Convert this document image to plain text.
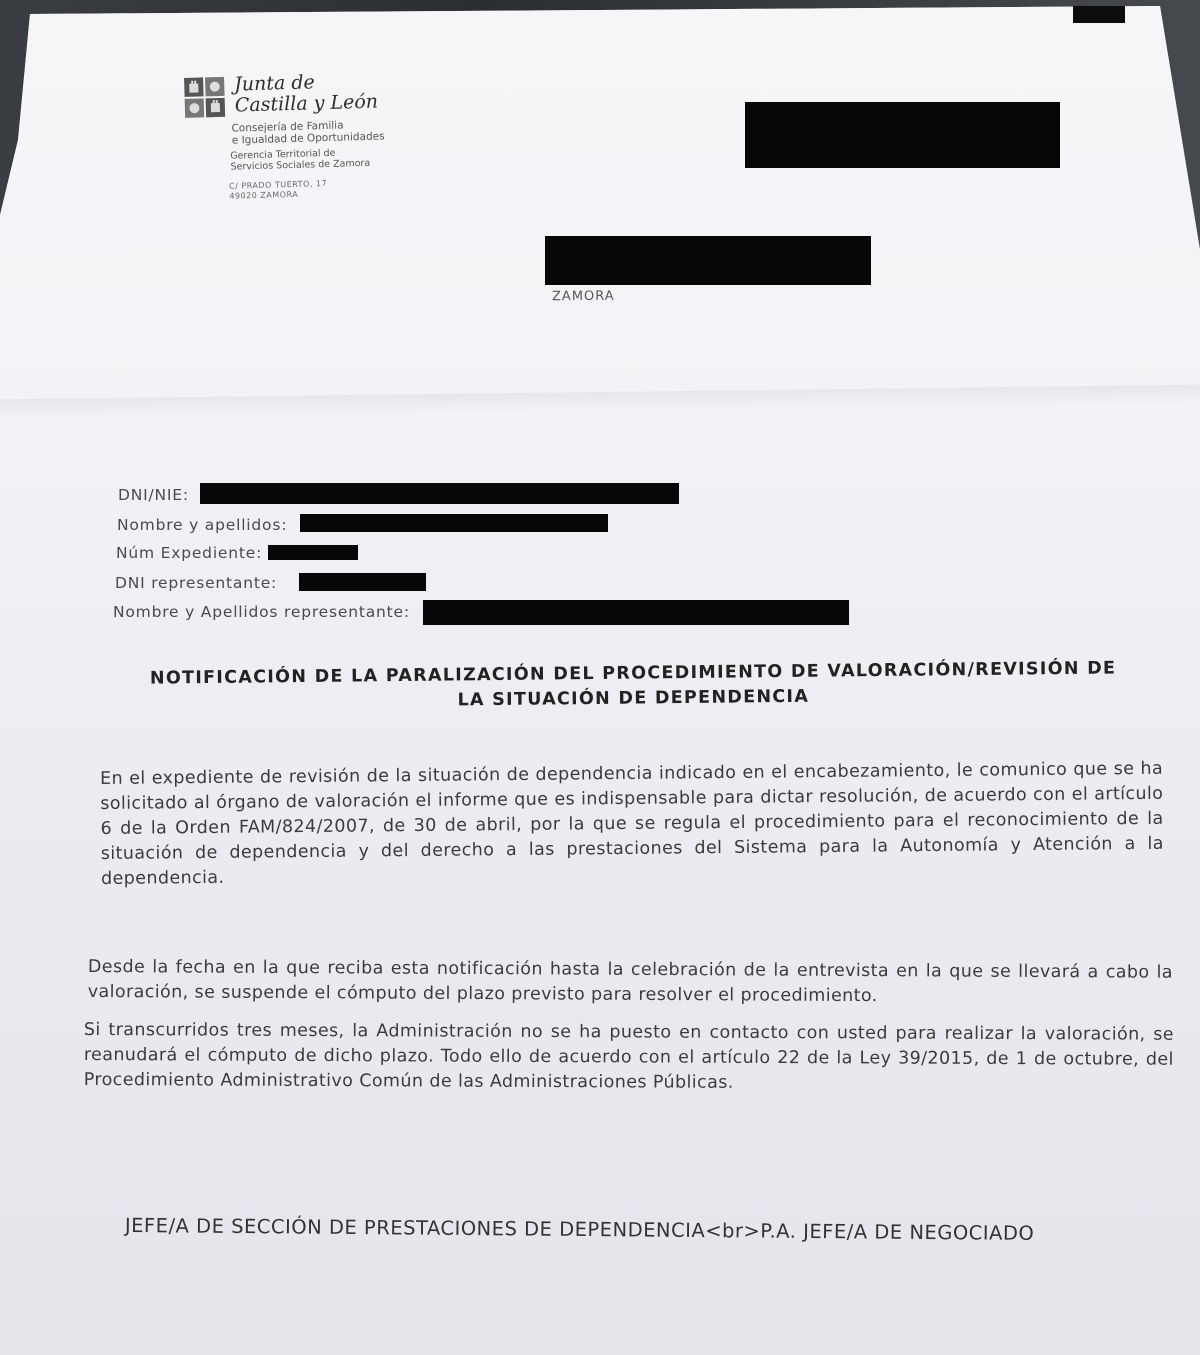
Junta de
Castilla y León
Consejería de Familia
e Igualdad de Oportunidades
Gerencia Territorial de
Servicios Sociales de Zamora
C/ PRADO TUERTO, 17
49020 ZAMORA
ZAMORA
DNI/NIE:
Nombre y apellidos:
Núm Expediente:
DNI representante:
Nombre y Apellidos representante:
NOTIFICACIÓN DE LA PARALIZACIÓN DEL PROCEDIMIENTO DE VALORACIÓN/REVISIÓN DE
LA SITUACIÓN DE DEPENDENCIA
En el expediente de revisión de la situación de dependencia indicado en el encabezamiento, le comunico que se ha solicitado al órgano de valoración el informe que es indispensable para dictar resolución, de acuerdo con el artículo 6 de la Orden FAM/824/2007, de 30 de abril, por la que se regula el procedimiento para el reconocimiento de la situación de dependencia y del derecho a las prestaciones del Sistema para la Autonomía y Atención a la dependencia.
Desde la fecha en la que reciba esta notificación hasta la celebración de la entrevista en la que se llevará a cabo la valoración, se suspende el cómputo del plazo previsto para resolver el procedimiento.
Si transcurridos tres meses, la Administración no se ha puesto en contacto con usted para realizar la valoración, se reanudará el cómputo de dicho plazo. Todo ello de acuerdo con el artículo 22 de la Ley 39/2015, de 1 de octubre, del Procedimiento Administrativo Común de las Administraciones Públicas.
JEFE/A DE SECCIÓN DE PRESTACIONES DE DEPENDENCIA<br>P.A. JEFE/A DE NEGOCIADO
